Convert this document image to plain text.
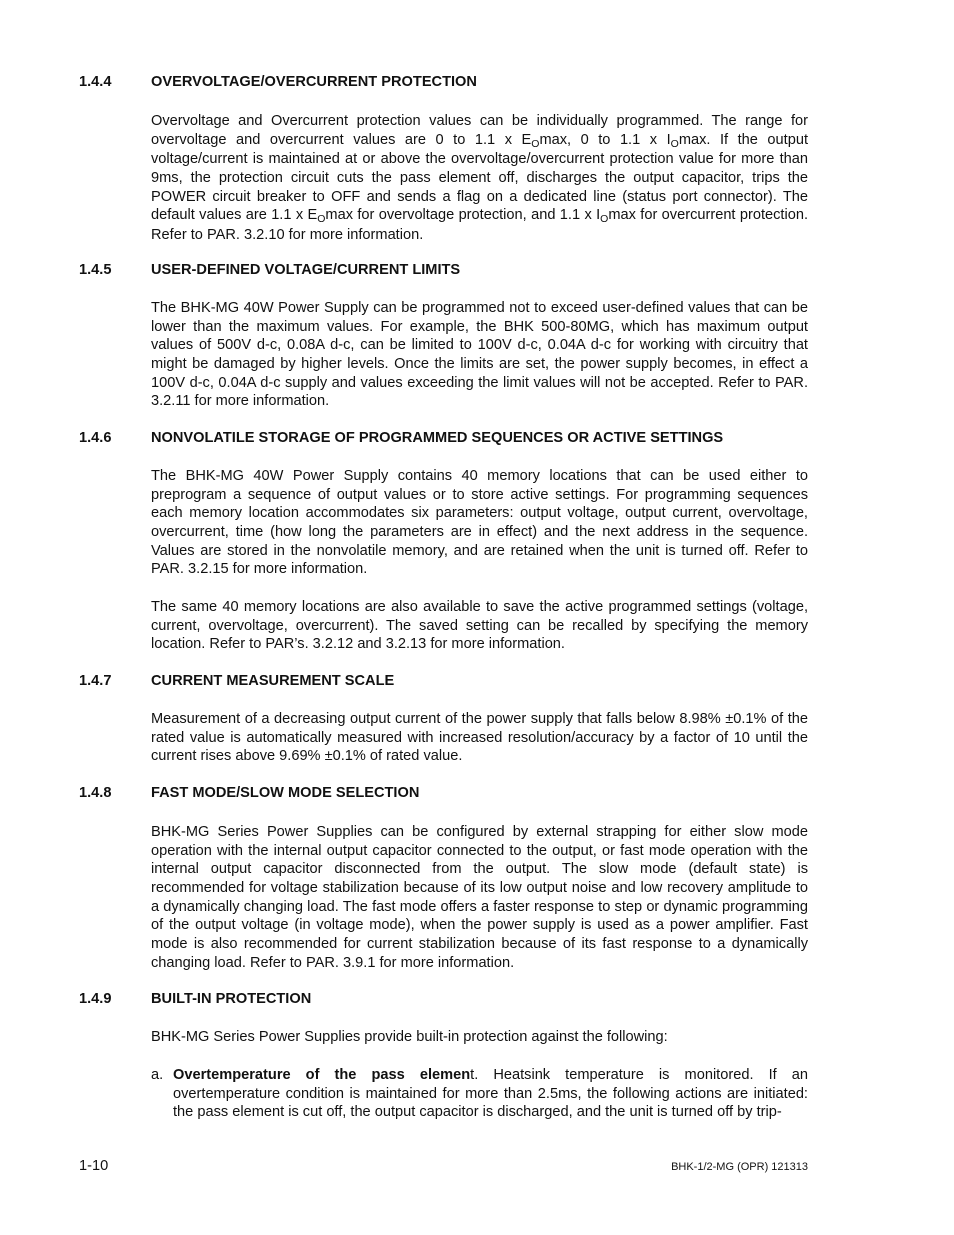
1.4.4	OVERVOLTAGE/OVERCURRENT PROTECTION

Overvoltage and Overcurrent protection values can be individually programmed. The range for overvoltage and overcurrent values are 0 to 1.1 x $E_O\max$, 0 to 1.1 x $I_O\max$. If the output voltage/current is maintained at or above the overvoltage/overcurrent protection value for more than 9ms, the protection circuit cuts the pass element off, discharges the output capacitor, trips the POWER circuit breaker to OFF and sends a flag on a dedicated line (status port connector). The default values are 1.1 x $E_O\max$ for overvoltage protection, and 1.1 x $I_O\max$ for overcurrent protection. Refer to PAR. 3.2.10 for more information.

1.4.5	USER-DEFINED VOLTAGE/CURRENT LIMITS

The BHK-MG 40W Power Supply can be programmed not to exceed user-defined values that can be lower than the maximum values. For example, the BHK 500-80MG, which has maximum output values of 500V d-c, 0.08A d-c, can be limited to 100V d-c, 0.04A d-c for working with circuitry that might be damaged by higher levels. Once the limits are set, the power supply becomes, in effect a 100V d-c, 0.04A d-c supply and values exceeding the limit values will not be accepted. Refer to PAR. 3.2.11 for more information.

1.4.6	NONVOLATILE STORAGE OF PROGRAMMED SEQUENCES OR ACTIVE SETTINGS

The BHK-MG 40W Power Supply contains 40 memory locations that can be used either to preprogram a sequence of output values or to store active settings. For programming sequences each memory location accommodates six parameters: output voltage, output current, overvoltage, overcurrent, time (how long the parameters are in effect) and the next address in the sequence. Values are stored in the nonvolatile memory, and are retained when the unit is turned off. Refer to PAR. 3.2.15 for more information.

The same 40 memory locations are also available to save the active programmed settings (voltage, current, overvoltage, overcurrent). The saved setting can be recalled by specifying the memory location. Refer to PAR’s. 3.2.12 and 3.2.13 for more information.

1.4.7	CURRENT MEASUREMENT SCALE

Measurement of a decreasing output current of the power supply that falls below 8.98% ±0.1% of the rated value is automatically measured with increased resolution/accuracy by a factor of 10 until the current rises above 9.69% ±0.1% of rated value.

1.4.8	FAST MODE/SLOW MODE SELECTION

BHK-MG Series Power Supplies can be configured by external strapping for either slow mode operation with the internal output capacitor connected to the output, or fast mode operation with the internal output capacitor disconnected from the output. The slow mode (default state) is recommended for voltage stabilization because of its low output noise and low recovery amplitude to a dynamically changing load. The fast mode offers a faster response to step or dynamic programming of the output voltage (in voltage mode), when the power supply is used as a power amplifier. Fast mode is also recommended for current stabilization because of its fast response to a dynamically changing load. Refer to PAR. 3.9.1 for more information.

1.4.9	BUILT-IN PROTECTION

BHK-MG Series Power Supplies provide built-in protection against the following:

a. Overtemperature of the pass element. Heatsink temperature is monitored. If an overtemperature condition is maintained for more than 2.5ms, the following actions are initiated: the pass element is cut off, the output capacitor is discharged, and the unit is turned off by trip-
1-10	BHK-1/2-MG (OPR) 121313
